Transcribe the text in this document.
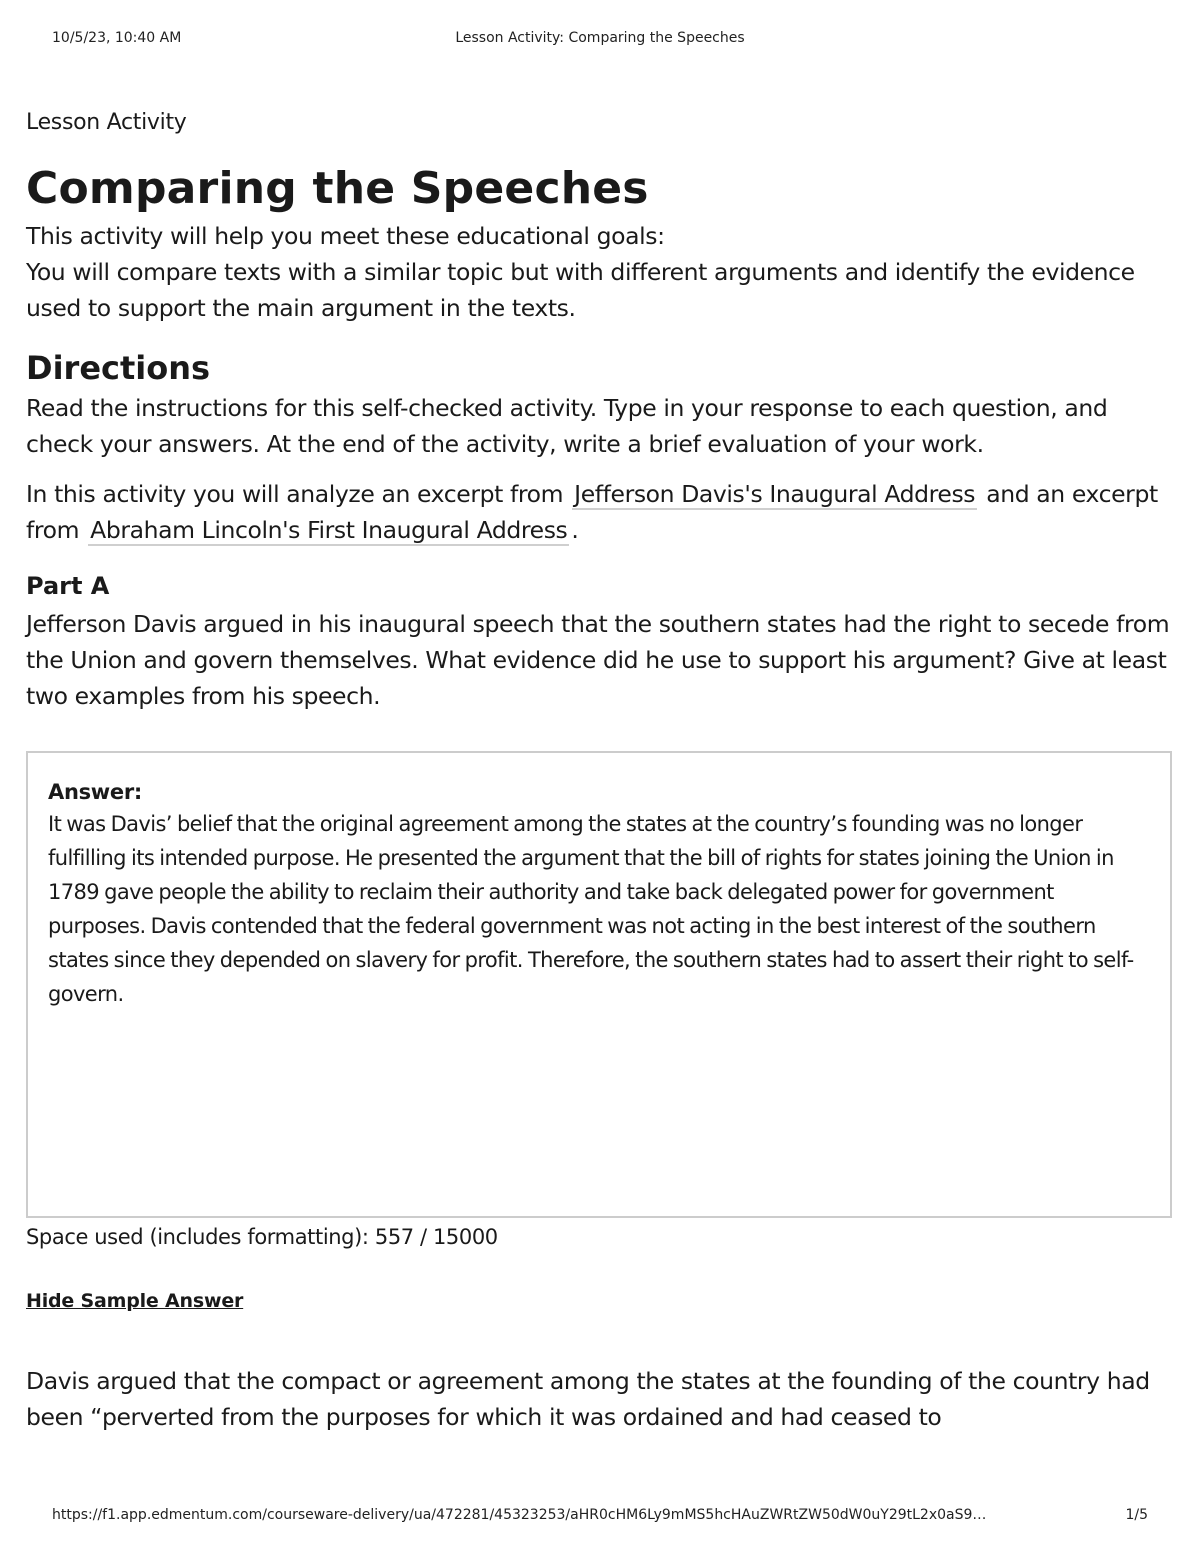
Lesson Activity: Comparing the Speeches
10/5/23, 10:40 AM

Lesson Activity

Comparing the Speeches
This activity will help you meet these educational goals:
You will compare texts with a similar topic but with different arguments and identify the evidence used to support the main argument in the texts.
Directions

Read the instructions for this self-checked activity. Type in your response to each question, and check your answers. At the end of the activity, write a brief evaluation of your work.

In this activity you will analyze an excerpt from Jefferson Davis's Inaugural Address and an excerpt from Abraham Lincoln's First Inaugural Address .

Part A

Jefferson Davis argued in his inaugural speech that the southern states had the right to secede from the Union and govern themselves. What evidence did he use to support his argument? Give at least two examples from his speech.

Answer:
It was Davis’ belief that the original agreement among the states at the country’s founding was no longer fulfilling its intended purpose. He presented the argument that the bill of rights for states joining the Union in 1789 gave people the ability to reclaim their authority and take back delegated power for government purposes. Davis contended that the federal government was not acting in the best interest of the southern states since they depended on slavery for profit. Therefore, the southern states had to assert their right to self-govern.
Space used (includes formatting): 557 / 15000
Hide Sample Answer
Davis argued that the compact or agreement among the states at the founding of the country had been “perverted from the purposes for which it was ordained and had ceased to
https://f1.app.edmentum.com/courseware-delivery/ua/472281/45323253/aHR0cHM6Ly9mMS5hcHAuZWRtZW50dW0uY29tL2x0aS9…	1/5
